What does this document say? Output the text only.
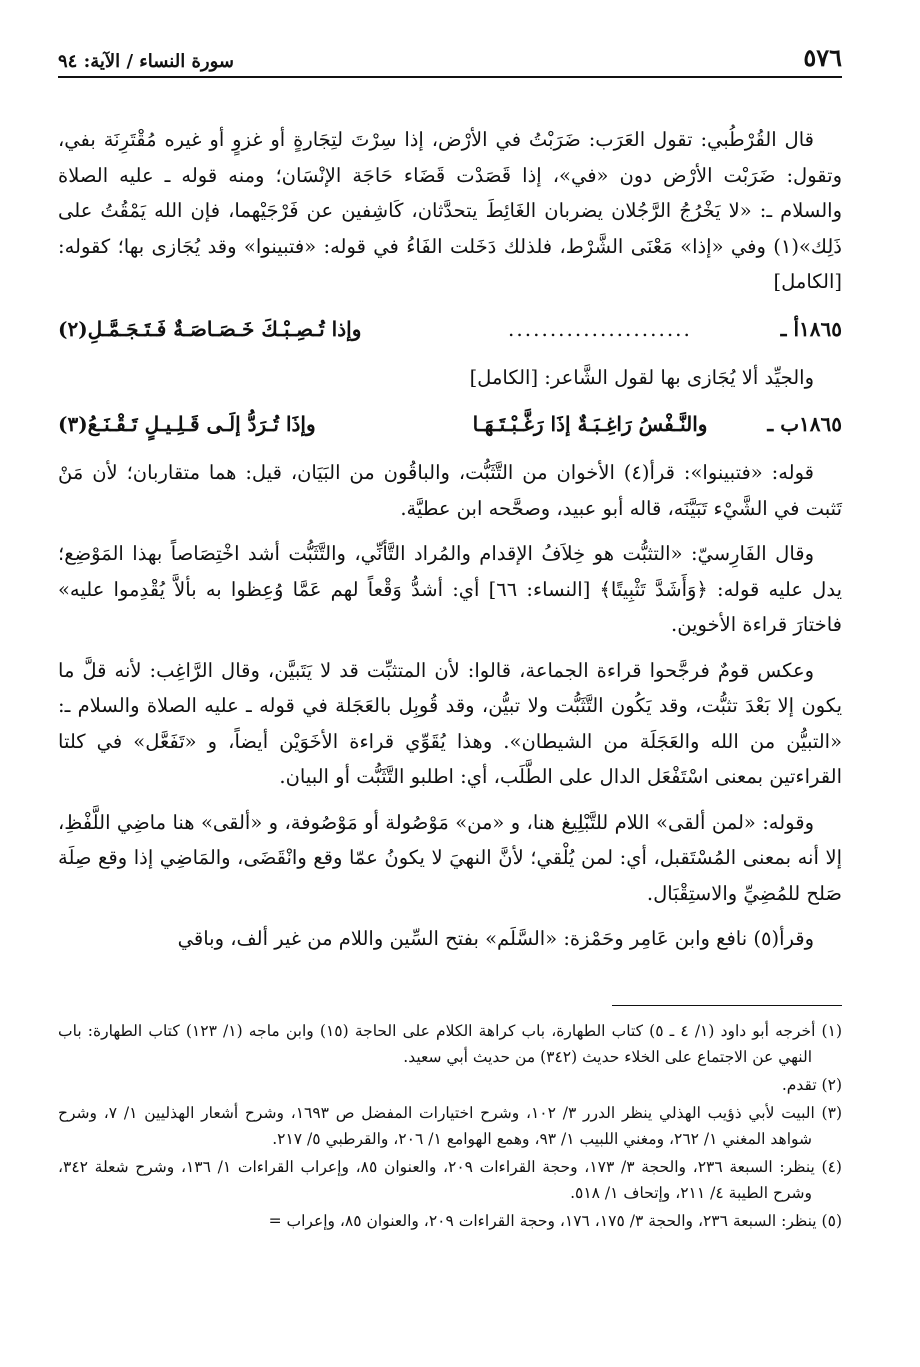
٥٧٦
سورة النساء / الآية: ٩٤

قال القُرْطُبي: تقول العَرَب: ضَرَبْتُ في الأرْض، إذا سِرْتَ لتِجَارةٍ أو غزوٍ أو غيره مُقْتَرِنَة بفي، وتقول: ضَرَبْت الأرْض دون «في»، إذا قَصَدْت قَضَاء حَاجَة الإنْسَان؛ ومنه قوله ـ عليه الصلاة والسلام ـ: «لا يَخْرُجُ الرَّجُلان يضربان الغَائِطَ يتحدَّثان، كَاشِفين عن فَرْجَيْهما، فإن الله يَمْقُتُ على ذَلِك»(١) وفي «إذا» مَعْنَى الشَّرْط، فلذلك دَخَلت الفَاءُ في قوله: «فتبينوا» وقد يُجَازى بها؛ كقوله: [الكامل]

١٨٦٥أ ـ
......................
وإذا تُـصِـبْـكَ خَـصَـاصَـةٌ فَـتَـجَـمَّـلِ(٢)

والجيِّد ألا يُجَازى بها لقول الشَّاعر: [الكامل]

١٨٦٥ب ـ
والنَّـفْسُ رَاغِـبَـةٌ إذَا رَغَّـبْـتَـهَـا
وإذَا تُـرَدُّ إلَـى قَـلِـيـلٍ تَـقْـنَـعُ(٣)

قوله: «فتبينوا»: قرأ(٤) الأخوان من التَّثَبُّت، والباقُون من البَيَان، قيل: هما متقاربان؛ لأن مَنْ تَثبت في الشَّيْء تَبَيَّنَه، قاله أبو عبيد، وصحَّحه ابن عطيَّة.

وقال الفَارِسيّ: «التثبُّت هو خِلاَفُ الإقدام والمُراد التَّأنِّي، والتَّثَبُّت أشد اخْتِصَاصاً بهذا المَوْضِع؛ يدل عليه قوله: ﴿وَأَشَدَّ تَثْبِيتًا﴾ [النساء: ٦٦] أي: أشدُّ وَقْعاً لهم عَمَّا وُعِظوا به بألاَّ يُقْدِموا عليه» فاختارَ قراءة الأخوين.

وعكس قومٌ فرجَّحوا قراءة الجماعة، قالوا: لأن المتثبِّت قد لا يَتَبيَّن، وقال الرَّاغِب: لأنه قلَّ ما يكون إلا بَعْدَ تثبُّت، وقد يَكُون التَّثَبُّت ولا تبيُّن، وقد قُوبِل بالعَجَلة في قوله ـ عليه الصلاة والسلام ـ: «التبيُّن من الله والعَجَلَة من الشيطان». وهذا يُقَوِّي قراءة الأخَوَيْن أيضاً، و «تَفَعَّل» في كلتا القراءتين بمعنى اسْتَفْعَل الدال على الطَّلَب، أي: اطلبو التَّثَبُّت أو البيان.

وقوله: «لمن ألقى» اللام للتَّبْلِيغ هنا، و «من» مَوْصُولة أو مَوْصُوفة، و «ألقى» هنا ماضِي اللَّفْظِ، إلا أنه بمعنى المُسْتَقبل، أي: لمن يُلْقي؛ لأنَّ النهيَ لا يكونُ عمّا وقع وانْقَضَى، والمَاضِي إذا وقع صِلَة صَلح للمُضِيِّ والاستِقْبَال.

وقرأ(٥) نافع وابن عَامِر وحَمْزة: «السَّلَم» بفتح السِّين واللام من غير ألف، وباقي

(١) أخرجه أبو داود (١/ ٤ ـ ٥) كتاب الطهارة، باب كراهة الكلام على الحاجة (١٥) وابن ماجه (١/ ١٢٣) كتاب الطهارة: باب النهي عن الاجتماع على الخلاء حديث (٣٤٢) من حديث أبي سعيد.

(٢) تقدم.

(٣) البيت لأبي ذؤيب الهذلي ينظر الدرر ٣/ ١٠٢، وشرح اختيارات المفضل ص ١٦٩٣، وشرح أشعار الهذليين ١/ ٧، وشرح شواهد المغني ١/ ٢٦٢، ومغني اللبيب ١/ ٩٣، وهمع الهوامع ١/ ٢٠٦، والقرطبي ٥/ ٢١٧.

(٤) ينظر: السبعة ٢٣٦، والحجة ٣/ ١٧٣، وحجة القراءات ٢٠٩، والعنوان ٨٥، وإعراب القراءات ١/ ١٣٦، وشرح شعلة ٣٤٢، وشرح الطيبة ٤/ ٢١١، وإتحاف ١/ ٥١٨.

(٥) ينظر: السبعة ٢٣٦، والحجة ٣/ ١٧٥، ١٧٦، وحجة القراءات ٢٠٩، والعنوان ٨٥، وإعراب =
